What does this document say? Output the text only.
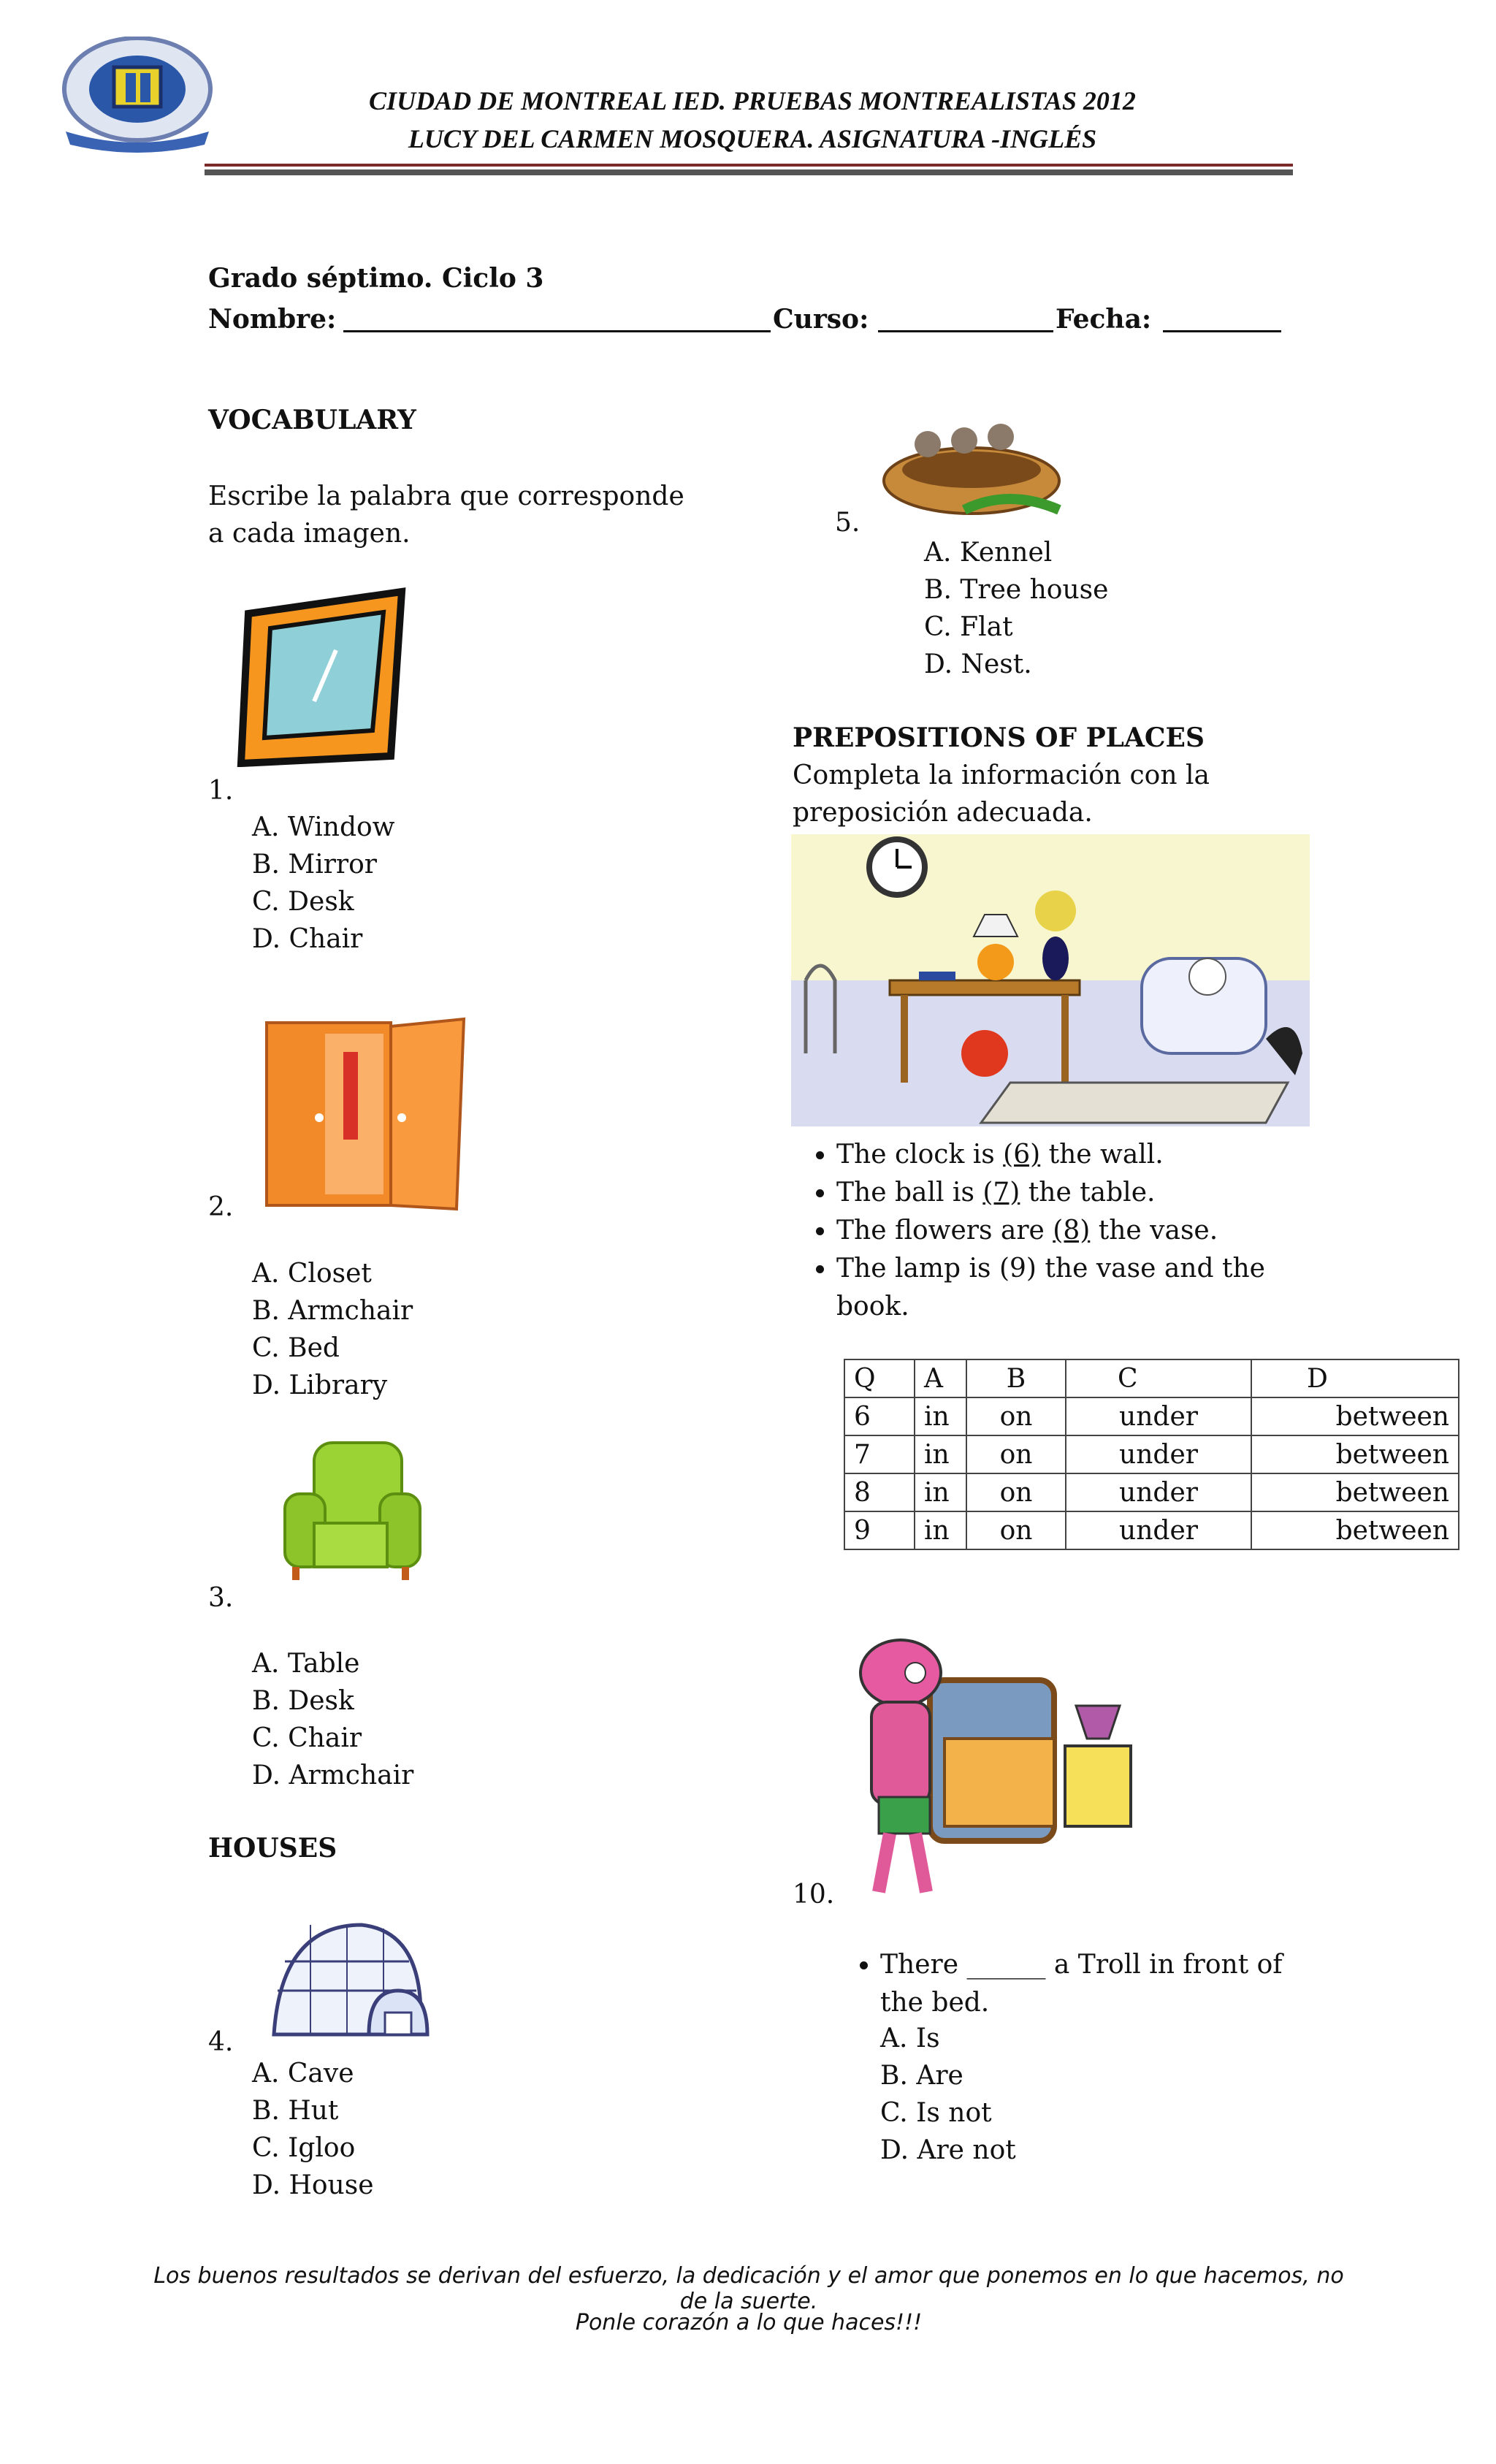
CIUDAD DE MONTREAL IED. PRUEBAS MONTREALISTAS 2012
LUCY DEL CARMEN MOSQUERA. ASIGNATURA -INGLÉS
Grado séptimo. Ciclo 3
Nombre:	Curso:	Fecha:
VOCABULARY
Escribe la palabra que corresponde a cada imagen.
1.
A. Window
B. Mirror
C. Desk
D. Chair
2.
A. Closet
B. Armchair
C. Bed
D. Library
3.
A. Table
B. Desk
C. Chair
D. Armchair
HOUSES
4.
A. Cave
B. Hut
C. Igloo
D. House
5.
A. Kennel
B. Tree house
C. Flat
D. Nest.
PREPOSITIONS OF PLACES
Completa la información con la preposición adecuada.
• The clock is (6) the wall.
• The ball is (7) the table.
• The flowers are (8) the vase.
• The lamp is (9) the vase and the book.
Q	A	B	C	D
6	in	on	under	between
7	in	on	under	between
8	in	on	under	between
9	in	on	under	between
10.
• There ______ a Troll in front of the bed.
A. Is
B. Are
C. Is not
D. Are not
Los buenos resultados se derivan del esfuerzo, la dedicación y el amor que ponemos en lo que hacemos, no de la suerte.
Ponle corazón a lo que haces!!!
